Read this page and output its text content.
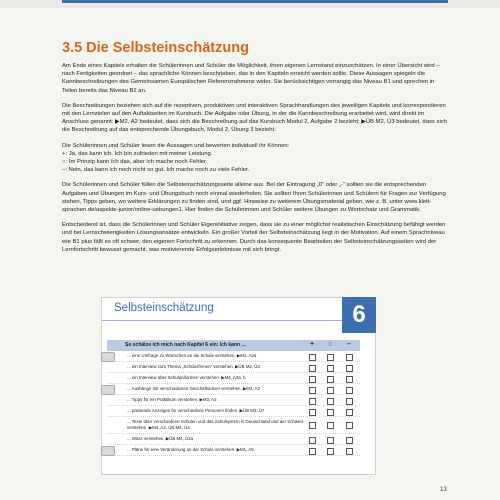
3.5 Die Selbsteinschätzung

Am Ende eines Kapitels erhalten die Schülerinnen und Schüler die Möglichkeit, ihren eigenen Lernstand einzuschätzen. In einer Übersicht wird – nach Fertigkeiten geordnet – das sprachliche Können beschrieben, das in den Kapiteln erreicht werden sollte. Diese Aussagen spiegeln die Kannbeschreibungen des Gemeinsamen Europäischen Referenzrahmens wider. Sie berücksichtigen vorrangig das Niveau B1 und sprechen in Teilen bereits das Niveau B2 an.

Die Beschreibungen beziehen sich auf die rezeptiven, produktiven und interaktiven Sprachhandlungen des jeweiligen Kapitels und korrespondieren mit den Lernzielen auf den Auftaktseiten im Kursbuch. Die Aufgabe oder Übung, in der die Kannbeschreibung erarbeitet wird, wird direkt im Anschluss genannt: ▶M2, A2 bedeutet, dass sich die Beschreibung auf das Kursbuch Modul 2, Aufgabe 2 bezieht; ▶ÜB M2, Ü3 bedeutet, dass sich die Beschreibung auf das entsprechende Übungsbuch, Modul 2, Übung 3 bezieht.

Die Schülerinnen und Schüler lesen die Aussagen und bewerten individuell ihr Können:

+: Ja, das kann ich. Ich bin zufrieden mit meiner Leistung.

○: Im Prinzip kann ich das, aber ich mache noch Fehler.

–: Nein, das kann ich noch nicht so gut. Ich mache noch zu viele Fehler.

Die Schülerinnen und Schüler füllen die Selbsteinschätzungsseite alleine aus. Bei der Eintragung „0“ oder „-“ sollten sie die entsprechenden Aufgaben und Übungen im Kurs- und Übungsbuch noch einmal wiederholen. Sie sollten Ihren Schülerinnen und Schülern für Fragen zur Verfügung stehen, Tipps geben, wo weitere Erklärungen zu finden sind, und ggf. Hinweise zu weiterem Übungsmaterial geben, wie z. B. unter www.klett-sprachen.de/aspekte-junior/online-uebungen1. Hier finden die Schülerinnen und Schüler weitere Übungen zu Wortschatz und Grammatik.

Entscheidend ist, dass die Schülerinnen und Schüler Eigeninitiative zeigen, dass sie zu einer möglichst realistischen Einschätzung befähigt werden und bei Lernschwierigkeiten Lösungsansätze entwickeln. Ein großer Vorteil der Selbsteinschätzung liegt in der Motivation. Auf einem Sprachniveau wie B1 plus fällt es oft schwer, den eigenen Fortschritt zu erkennen. Durch das konsequente Bearbeiten der Selbsteinschätzungsseiten wird der Lernfortschritt bewusst gemacht, was motivierende Erfolgserlebnisse mit sich bringt.

Selbsteinschätzung	6
So schätze ich mich nach Kapitel 6 ein: Ich kann ...	+ ○ –
... eine Umfrage zu Wünschen an die Schule verstehen. ▶M1, A2a
... ein Interview zum Thema „Schülerfirmen“ verstehen. ▶ÜB M2, Ü3
... ein Interview über Schuluniformen verstehen. ▶M4, A3a, b
... Aushänge mit verschiedenen Geschäftsideen verstehen. ▶M2, A2
... Tipps für ein Praktikum verstehen. ▶M3, A2
... passende Anzeigen für verschiedene Personen finden. ▶ÜB M3, Ü7
... Texte über verschiedene Schulen und das Schulsystem in Deutschland und der Schweiz verstehen. ▶M4, A2, ÜB M4, Ü4
... Witze verstehen. ▶ÜB M4, Ü2a
... Pläne für eine Veränderung an der Schule verstehen. ▶M1, A5
13
